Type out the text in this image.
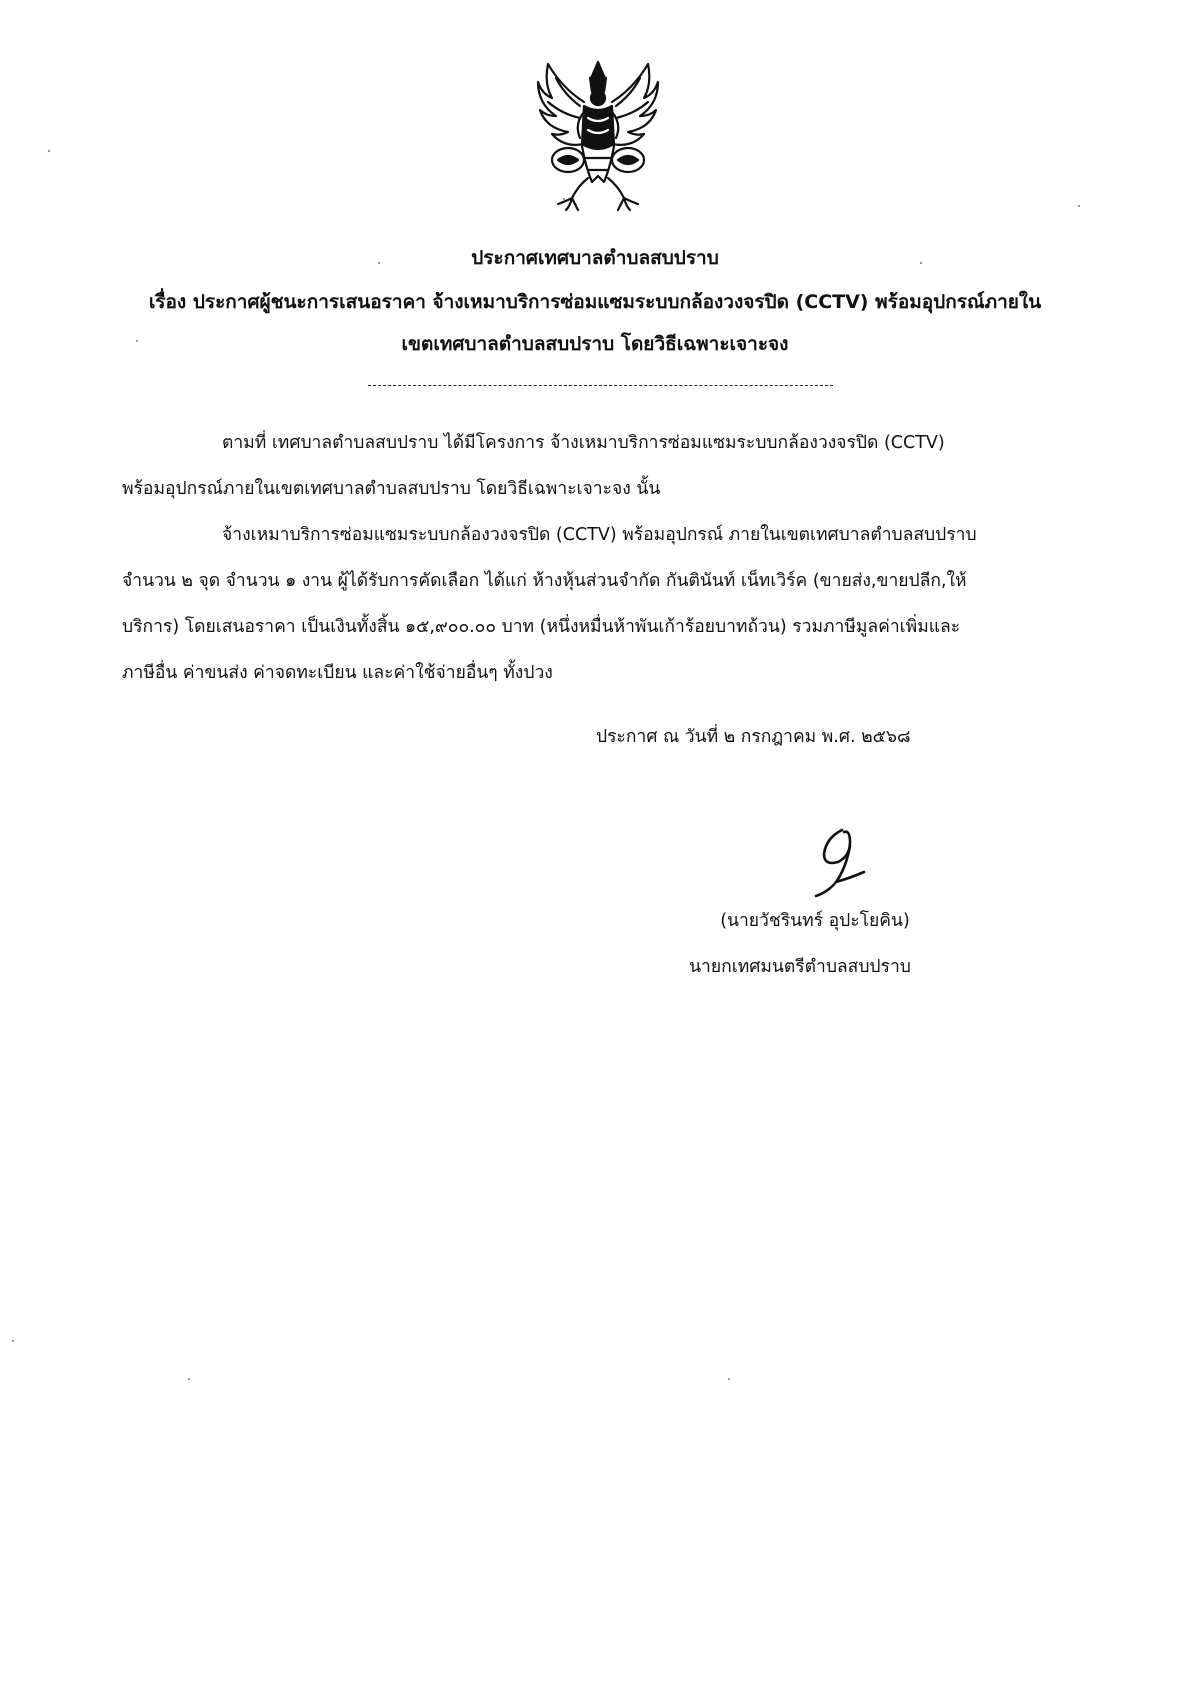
ประกาศเทศบาลตำบลสบปราบ

เรื่อง ประกาศผู้ชนะการเสนอราคา จ้างเหมาบริการซ่อมแซมระบบกล้องวงจรปิด (CCTV) พร้อมอุปกรณ์ภายใน

เขตเทศบาลตำบลสบปราบ โดยวิธีเฉพาะเจาะจง

ตามที่ เทศบาลตำบลสบปราบ ได้มีโครงการ จ้างเหมาบริการซ่อมแซมระบบกล้องวงจรปิด (CCTV)
พร้อมอุปกรณ์ภายในเขตเทศบาลตำบลสบปราบ โดยวิธีเฉพาะเจาะจง นั้น
จ้างเหมาบริการซ่อมแซมระบบกล้องวงจรปิด (CCTV) พร้อมอุปกรณ์ ภายในเขตเทศบาลตำบลสบปราบ
จำนวน ๒ จุด จำนวน ๑ งาน ผู้ได้รับการคัดเลือก ได้แก่ ห้างหุ้นส่วนจำกัด กันตินันท์ เน็ทเวิร์ค (ขายส่ง,ขายปลีก,ให้
บริการ) โดยเสนอราคา เป็นเงินทั้งสิ้น ๑๕,๙๐๐.๐๐ บาท (หนึ่งหมื่นห้าพันเก้าร้อยบาทถ้วน) รวมภาษีมูลค่าเพิ่มและ
ภาษีอื่น ค่าขนส่ง ค่าจดทะเบียน และค่าใช้จ่ายอื่นๆ ทั้งปวง
ประกาศ ณ วันที่ ๒ กรกฎาคม พ.ศ. ๒๕๖๘
(นายวัชรินทร์ อุปะโยคิน)
นายกเทศมนตรีตำบลสบปราบ
